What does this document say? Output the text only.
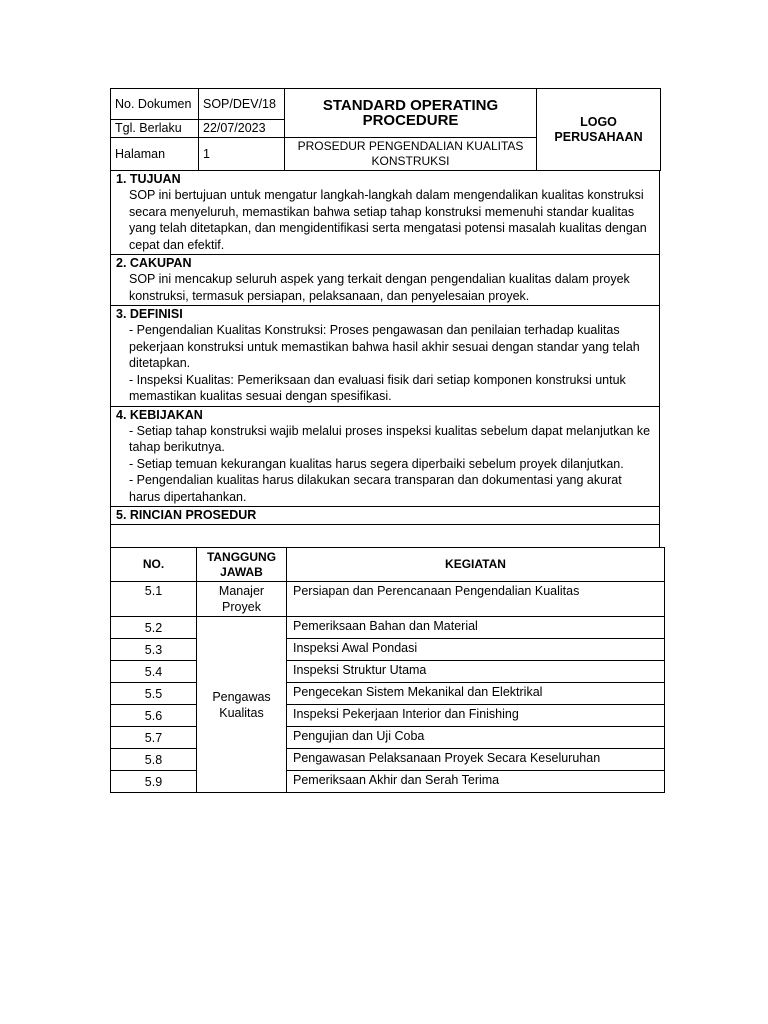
No. Dokumen	SOP/DEV/18	STANDARD OPERATING PROCEDURE	LOGO PERUSAHAAN
Tgl. Berlaku	22/07/2023		
Halaman	1	PROSEDUR PENGENDALIAN KUALITAS KONSTRUKSI	
1. TUJUAN
SOP ini bertujuan untuk mengatur langkah-langkah dalam mengendalikan kualitas konstruksi secara menyeluruh, memastikan bahwa setiap tahap konstruksi memenuhi standar kualitas yang telah ditetapkan, dan mengidentifikasi serta mengatasi potensi masalah kualitas dengan cepat dan efektif.
2. CAKUPAN
SOP ini mencakup seluruh aspek yang terkait dengan pengendalian kualitas dalam proyek konstruksi, termasuk persiapan, pelaksanaan, dan penyelesaian proyek.
3. DEFINISI
- Pengendalian Kualitas Konstruksi: Proses pengawasan dan penilaian terhadap kualitas pekerjaan konstruksi untuk memastikan bahwa hasil akhir sesuai dengan standar yang telah ditetapkan.
- Inspeksi Kualitas: Pemeriksaan dan evaluasi fisik dari setiap komponen konstruksi untuk memastikan kualitas sesuai dengan spesifikasi.
4. KEBIJAKAN
- Setiap tahap konstruksi wajib melalui proses inspeksi kualitas sebelum dapat melanjutkan ke tahap berikutnya.
- Setiap temuan kekurangan kualitas harus segera diperbaiki sebelum proyek dilanjutkan.
- Pengendalian kualitas harus dilakukan secara transparan dan dokumentasi yang akurat harus dipertahankan.
5. RINCIAN PROSEDUR
NO.	TANGGUNG JAWAB	KEGIATAN
5.1	Manajer Proyek	Persiapan dan Perencanaan Pengendalian Kualitas
5.2	Pengawas Kualitas	Pemeriksaan Bahan dan Material
5.3		Inspeksi Awal Pondasi
5.4		Inspeksi Struktur Utama
5.5		Pengecekan Sistem Mekanikal dan Elektrikal
5.6		Inspeksi Pekerjaan Interior dan Finishing
5.7		Pengujian dan Uji Coba
5.8		Pengawasan Pelaksanaan Proyek Secara Keseluruhan
5.9		Pemeriksaan Akhir dan Serah Terima
